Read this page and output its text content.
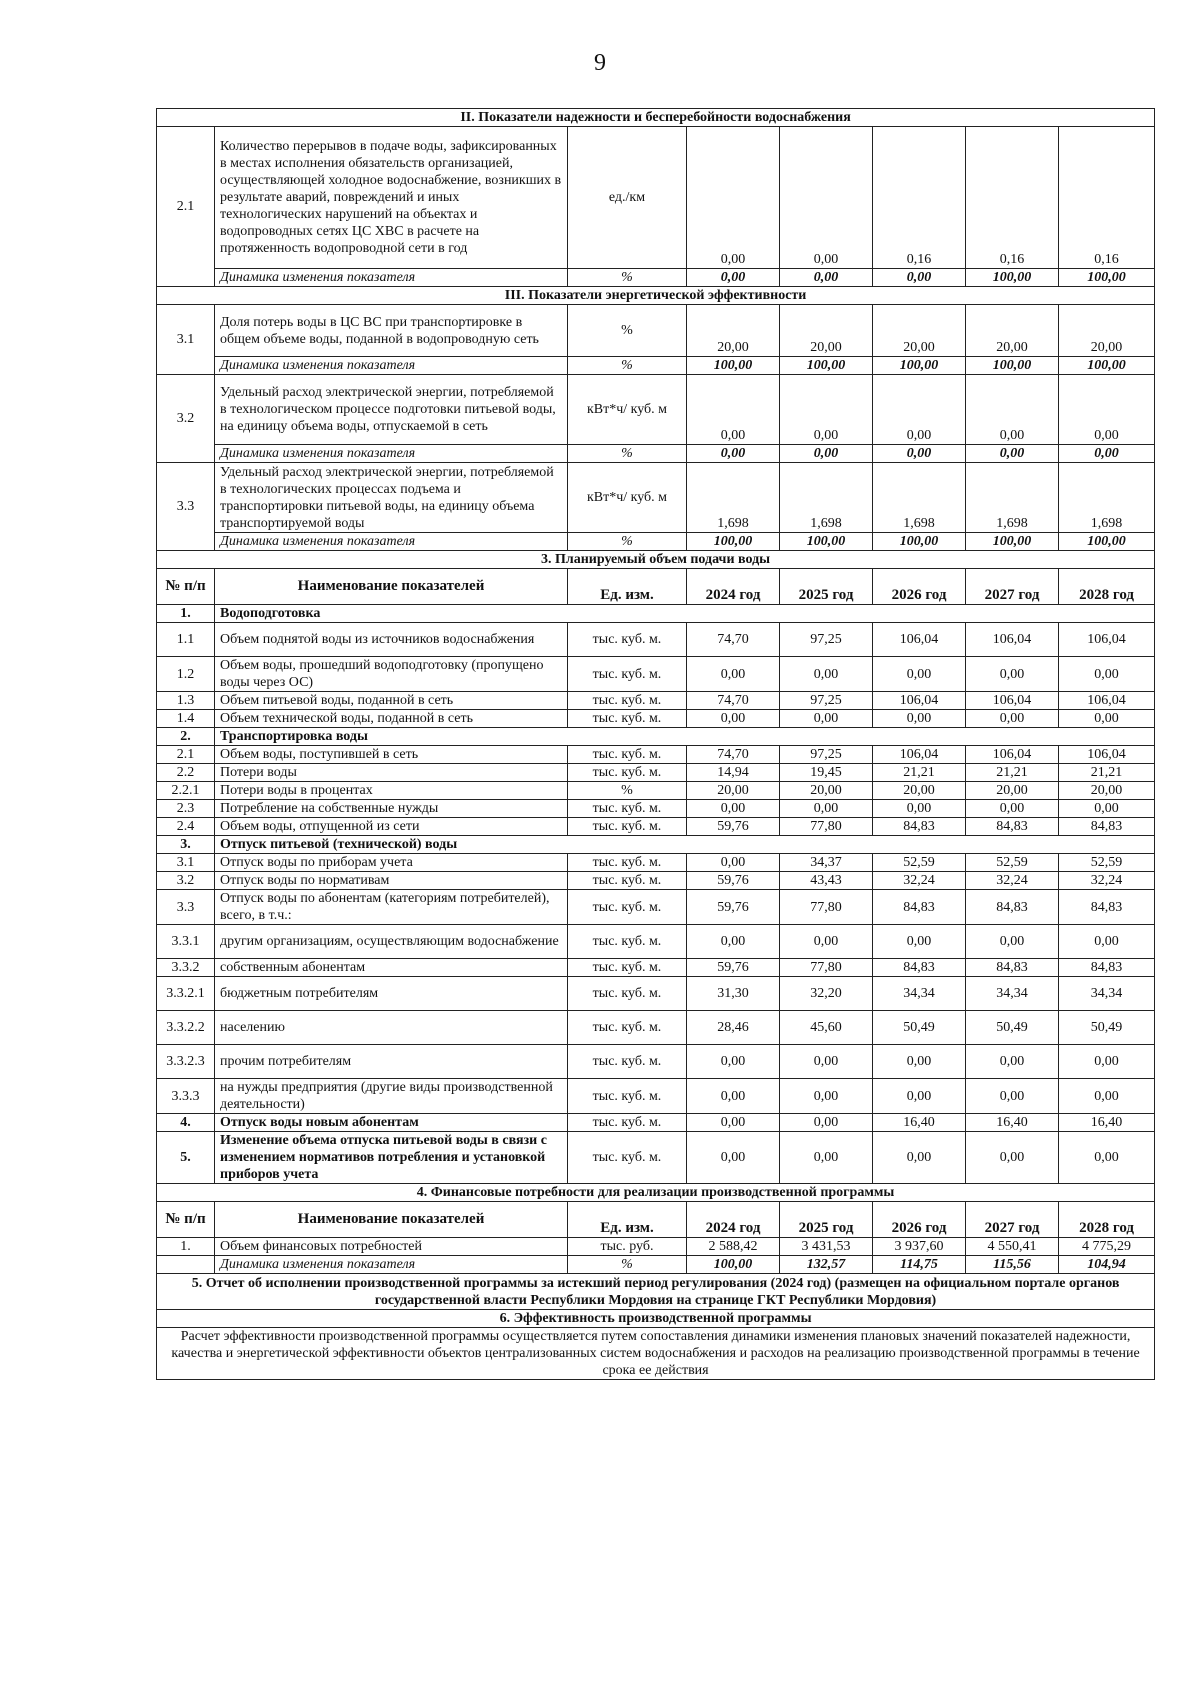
9
II. Показатели надежности и бесперебойности водоснабжения							
2.1	Количество перерывов в подаче воды, зафиксированных в местах исполнения обязательств организацией, осуществляющей холодное водоснабжение, возникших в результате аварий, повреждений и иных технологических нарушений на объектах и водопроводных сетях ЦС ХВС в расчете на протяженность водопроводной сети в год	ед./км	0,00	0,00	0,16	0,16	0,16
	Динамика изменения показателя	%	0,00	0,00	0,00	100,00	100,00
III. Показатели энергетической эффективности							
3.1	Доля потерь воды в ЦС ВС при транспортировке в общем объеме воды, поданной в водопроводную сеть	%	20,00	20,00	20,00	20,00	20,00
	Динамика изменения показателя	%	100,00	100,00	100,00	100,00	100,00
3.2	Удельный расход электрической энергии, потребляемой в технологическом процессе подготовки питьевой воды, на единицу объема воды, отпускаемой в сеть	кВт*ч/ куб. м	0,00	0,00	0,00	0,00	0,00
	Динамика изменения показателя	%	0,00	0,00	0,00	0,00	0,00
3.3	Удельный расход электрической энергии, потребляемой в технологических процессах подъема и транспортировки питьевой воды, на единицу объема транспортируемой воды	кВт*ч/ куб. м	1,698	1,698	1,698	1,698	1,698
	Динамика изменения показателя	%	100,00	100,00	100,00	100,00	100,00
3. Планируемый объем подачи воды							
№ п/п	Наименование показателей	Ед. изм.	2024 год	2025 год	2026 год	2027 год	2028 год
1.	Водоподготовка						
1.1	Объем поднятой воды из источников водоснабжения	тыс. куб. м.	74,70	97,25	106,04	106,04	106,04
1.2	Объем воды, прошедший водоподготовку (пропущено воды через ОС)	тыс. куб. м.	0,00	0,00	0,00	0,00	0,00
1.3	Объем питьевой воды, поданной в сеть	тыс. куб. м.	74,70	97,25	106,04	106,04	106,04
1.4	Объем технической воды, поданной в сеть	тыс. куб. м.	0,00	0,00	0,00	0,00	0,00
2.	Транспортировка воды						
2.1	Объем воды, поступившей в сеть	тыс. куб. м.	74,70	97,25	106,04	106,04	106,04
2.2	Потери воды	тыс. куб. м.	14,94	19,45	21,21	21,21	21,21
2.2.1	Потери воды в процентах	%	20,00	20,00	20,00	20,00	20,00
2.3	Потребление на собственные нужды	тыс. куб. м.	0,00	0,00	0,00	0,00	0,00
2.4	Объем воды, отпущенной из сети	тыс. куб. м.	59,76	77,80	84,83	84,83	84,83
3.	Отпуск питьевой (технической) воды						
3.1	Отпуск воды по приборам учета	тыс. куб. м.	0,00	34,37	52,59	52,59	52,59
3.2	Отпуск воды по нормативам	тыс. куб. м.	59,76	43,43	32,24	32,24	32,24
3.3	Отпуск воды по абонентам (категориям потребителей), всего, в т.ч.:	тыс. куб. м.	59,76	77,80	84,83	84,83	84,83
3.3.1	другим организациям, осуществляющим водоснабжение	тыс. куб. м.	0,00	0,00	0,00	0,00	0,00
3.3.2	собственным абонентам	тыс. куб. м.	59,76	77,80	84,83	84,83	84,83
3.3.2.1	бюджетным потребителям	тыс. куб. м.	31,30	32,20	34,34	34,34	34,34
3.3.2.2	населению	тыс. куб. м.	28,46	45,60	50,49	50,49	50,49
3.3.2.3	прочим потребителям	тыс. куб. м.	0,00	0,00	0,00	0,00	0,00
3.3.3	на нужды предприятия (другие виды производственной деятельности)	тыс. куб. м.	0,00	0,00	0,00	0,00	0,00
4.	Отпуск воды новым абонентам	тыс. куб. м.	0,00	0,00	16,40	16,40	16,40
5.	Изменение объема отпуска питьевой воды в связи с изменением нормативов потребления и установкой приборов учета	тыс. куб. м.	0,00	0,00	0,00	0,00	0,00
4. Финансовые потребности для реализации производственной программы							
№ п/п	Наименование показателей	Ед. изм.	2024 год	2025 год	2026 год	2027 год	2028 год
1.	Объем финансовых потребностей	тыс. руб.	2 588,42	3 431,53	3 937,60	4 550,41	4 775,29
	Динамика изменения показателя	%	100,00	132,57	114,75	115,56	104,94
5. Отчет об исполнении производственной программы за истекший период регулирования (2024 год) (размещен на официальном портале органов государственной власти Республики Мордовия на странице ГКТ Республики Мордовия)							
6. Эффективность производственной программы							
Расчет эффективности производственной программы осуществляется путем сопоставления динамики изменения плановых значений показателей надежности, качества и энергетической эффективности объектов централизованных систем водоснабжения и расходов на реализацию производственной программы в течение срока ее действия							
